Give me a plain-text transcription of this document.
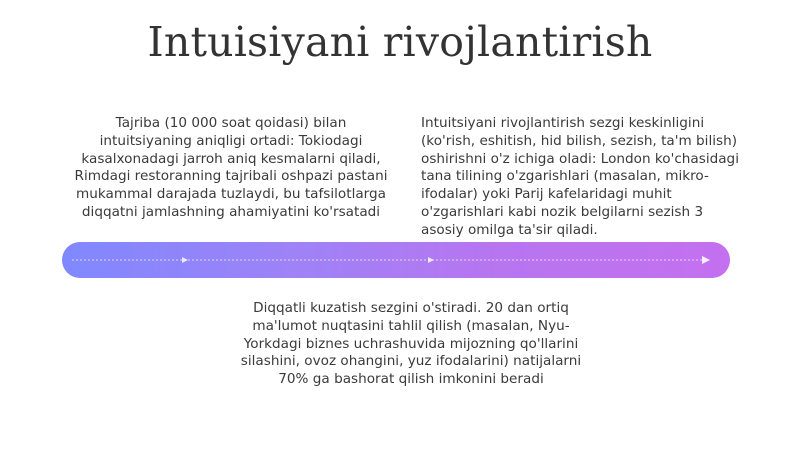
Intuisiyani rivojlantirish
Tajriba (10 000 soat qoidasi) bilan intuitsiyaning aniqligi ortadi: Tokiodagi kasalxonadagi jarroh aniq kesmalarni qiladi, Rimdagi restoranning tajribali oshpazi pastani mukammal darajada tuzlaydi, bu tafsilotlarga diqqatni jamlashning ahamiyatini ko'rsatadi
Intuitsiyani rivojlantirish sezgi keskinligini (ko'rish, eshitish, hid bilish, sezish, ta'm bilish) oshirishni o'z ichiga oladi: London ko'chasidagi tana tilining o'zgarishlari (masalan, mikro-ifodalar) yoki Parij kafelaridagi muhit o'zgarishlari kabi nozik belgilarni sezish 3 asosiy omilga ta'sir qiladi.
Diqqatli kuzatish sezgini o'stiradi. 20 dan ortiq ma'lumot nuqtasini tahlil qilish (masalan, Nyu-Yorkdagi biznes uchrashuvida mijozning qo'llarini silashini, ovoz ohangini, yuz ifodalarini) natijalarni 70% ga bashorat qilish imkonini beradi
